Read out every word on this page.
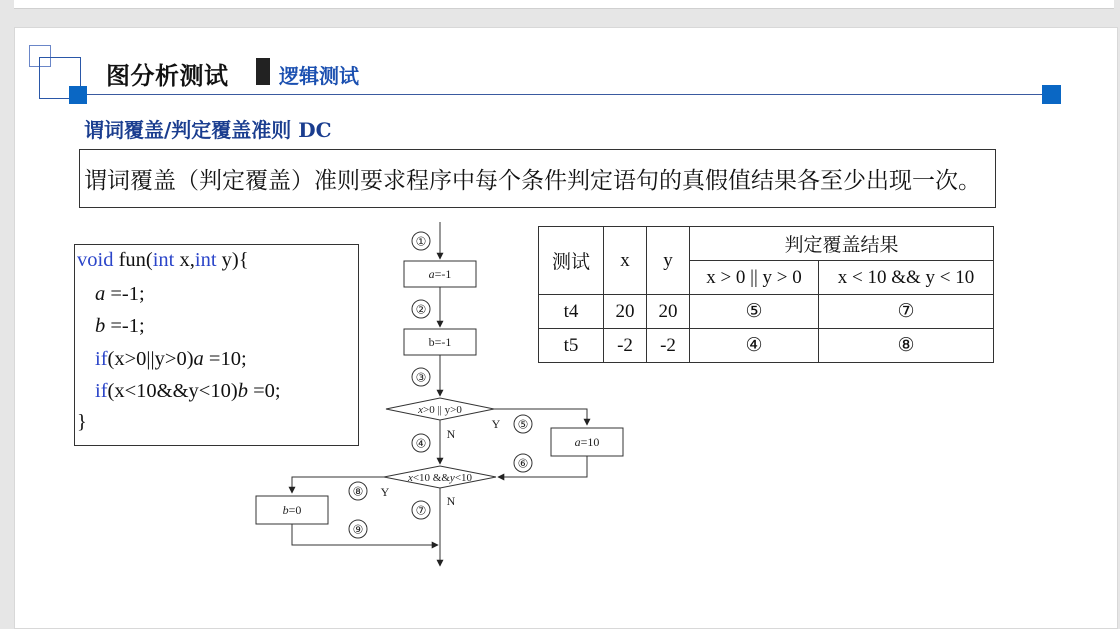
图分析测试	逻辑测试
谓词覆盖/判定覆盖准则 DC
谓词覆盖（判定覆盖）准则要求程序中每个条件判定语句的真假值结果各至少出现一次。
void fun(int x,int y){
a =-1;
b =-1;
if(x>0||y>0)a =10;
if(x<10&&y<10)b =0;
}
①
②
③
④
⑤
⑥
⑦
⑧
⑨
a=-1
b=-1
x>0 || y>0
a=10
x<10 &&y<10
b=0
Y
N
Y
N
测试	x	y	判定覆盖结果	
			x > 0 || y > 0	x < 10 && y < 10
t4	20	20	⑤	⑦
t5	-2	-2	④	⑧
